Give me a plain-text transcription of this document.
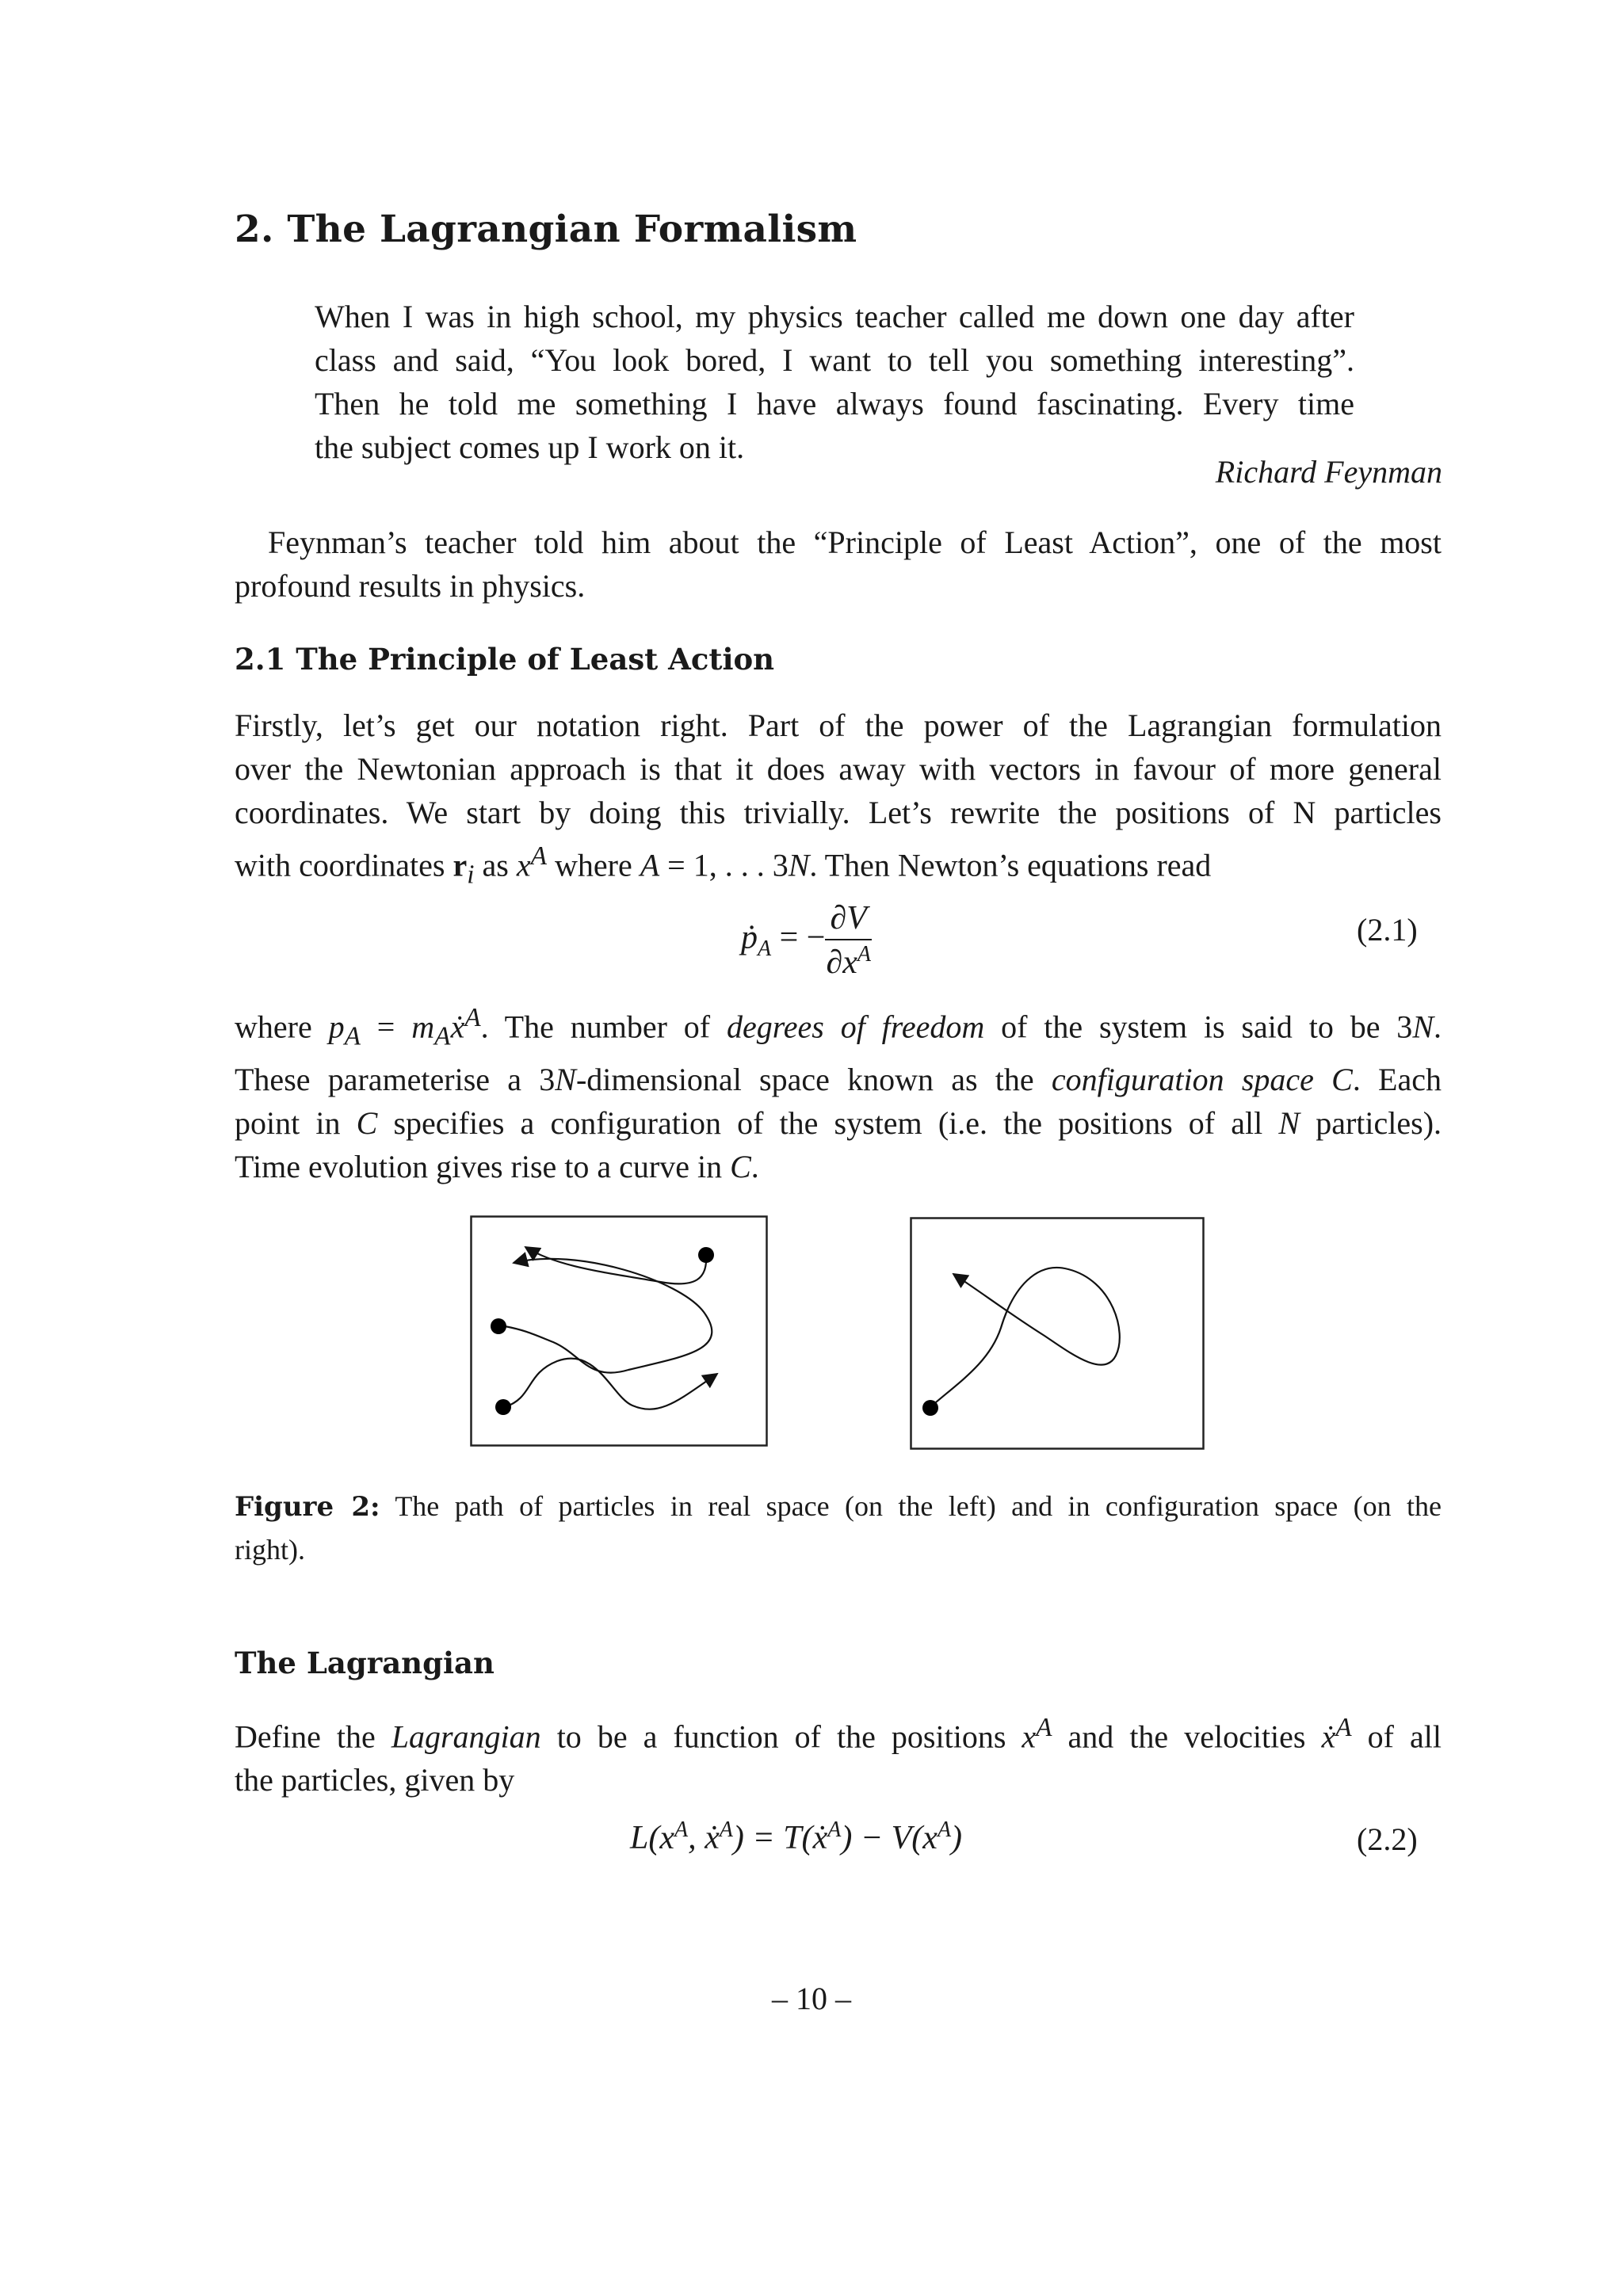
2. The Lagrangian Formalism
When I was in high school, my physics teacher called me down one day after
class and said, “You look bored, I want to tell you something interesting”.
Then he told me something I have always found fascinating. Every time
the subject comes up I work on it.
Richard Feynman
Feynman’s teacher told him about the “Principle of Least Action”, one of the most
profound results in physics.
2.1 The Principle of Least Action
Firstly, let’s get our notation right. Part of the power of the Lagrangian formulation
over the Newtonian approach is that it does away with vectors in favour of more general
coordinates. We start by doing this trivially. Let’s rewrite the positions of N particles
with coordinates $r_i$ as $x^A$ where A = 1, . . . 3N. Then Newton’s equations read
$ṗ_A$ = − $\frac{\partial V}{\partial x^A}$	(2.1)
where $p_A$ = $m_Aẋ^A$. The number of degrees of freedom of the system is said to be 3N.
These parameterise a 3N-dimensional space known as the configuration space C. Each
point in C specifies a configuration of the system (i.e. the positions of all N particles).
Time evolution gives rise to a curve in C.
Figure 2: The path of particles in real space (on the left) and in configuration space (on the
right).
The Lagrangian
Define the Lagrangian to be a function of the positions $x^A$ and the velocities ẋ$^A$ of all
the particles, given by
$L(x^A$, ẋ$^A$) = T(ẋ$^A$) − $V(x^A)$	(2.2)
– 10 –
